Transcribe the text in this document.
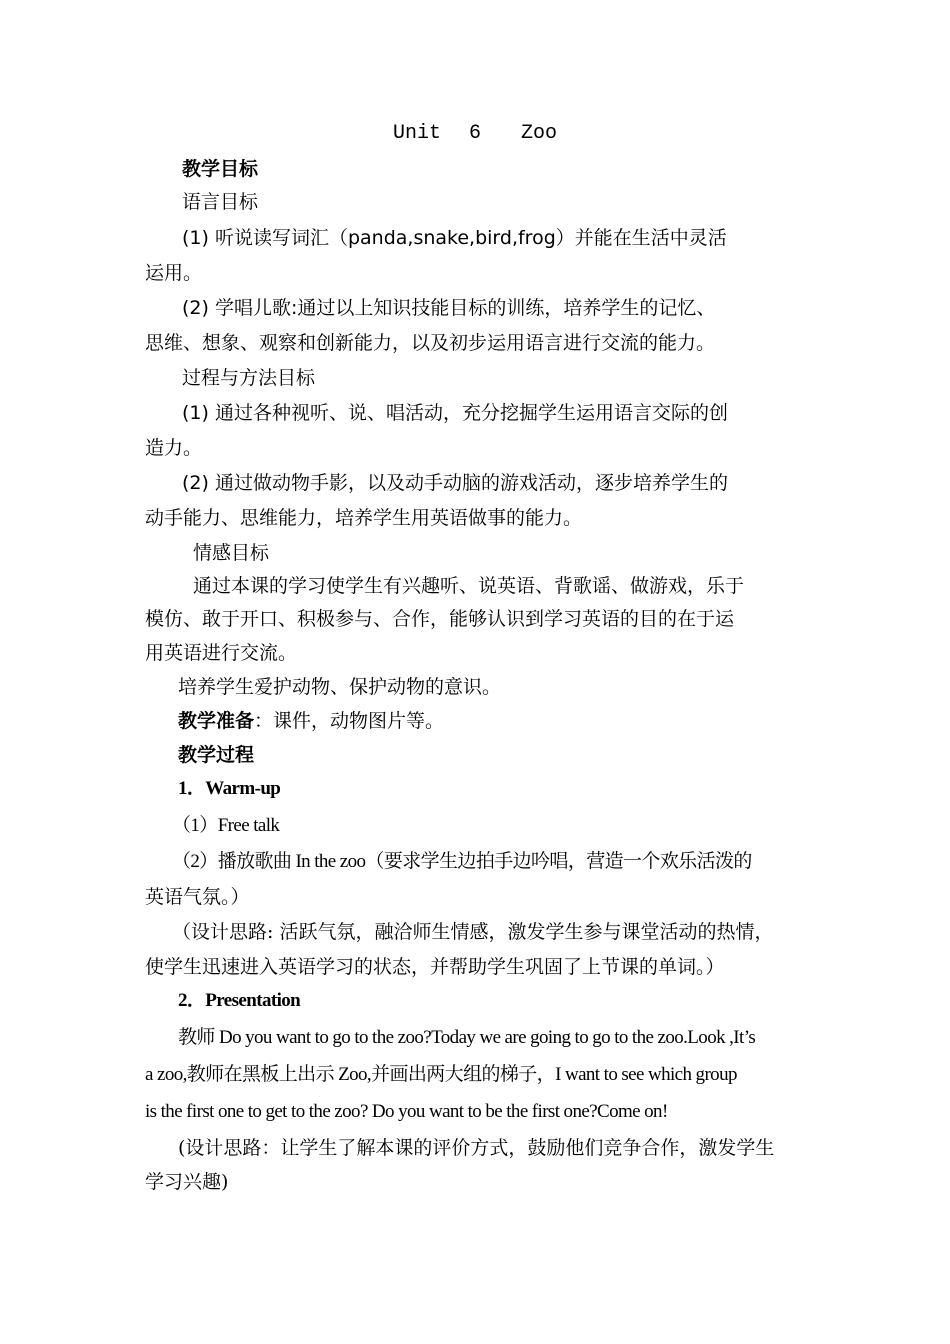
Unit 6 Zoo
教学目标
语言目标
(1) 听说读写词汇（panda,snake,bird,frog）并能在生活中灵活
运用。
(2) 学唱儿歌:通过以上知识技能目标的训练，培养学生的记忆、
思维、想象、观察和创新能力，以及初步运用语言进行交流的能力。
过程与方法目标
(1) 通过各种视听、说、唱活动，充分挖掘学生运用语言交际的创
造力。
(2) 通过做动物手影，以及动手动脑的游戏活动，逐步培养学生的
动手能力、思维能力，培养学生用英语做事的能力。
情感目标
通过本课的学习使学生有兴趣听、说英语、背歌谣、做游戏，乐于
模仿、敢于开口、积极参与、合作，能够认识到学习英语的目的在于运
用英语进行交流。
培养学生爱护动物、保护动物的意识。
教学准备：课件，动物图片等。
教学过程
1．Warm-up
（1）Free talk
（2）播放歌曲 In the zoo（要求学生边拍手边吟唱，营造一个欢乐活泼的
英语气氛。）
（设计思路: 活跃气氛，融洽师生情感，激发学生参与课堂活动的热情，
使学生迅速进入英语学习的状态，并帮助学生巩固了上节课的单词。）
2．Presentation
教师 Do you want to go to the zoo?Today we are going to go to the zoo.Look ,It’s
a zoo,教师在黑板上出示 Zoo,并画出两大组的梯子，I want to see which group
is the first one to get to the zoo? Do you want to be the first one?Come on!
(设计思路：让学生了解本课的评价方式，鼓励他们竞争合作，激发学生
学习兴趣)
